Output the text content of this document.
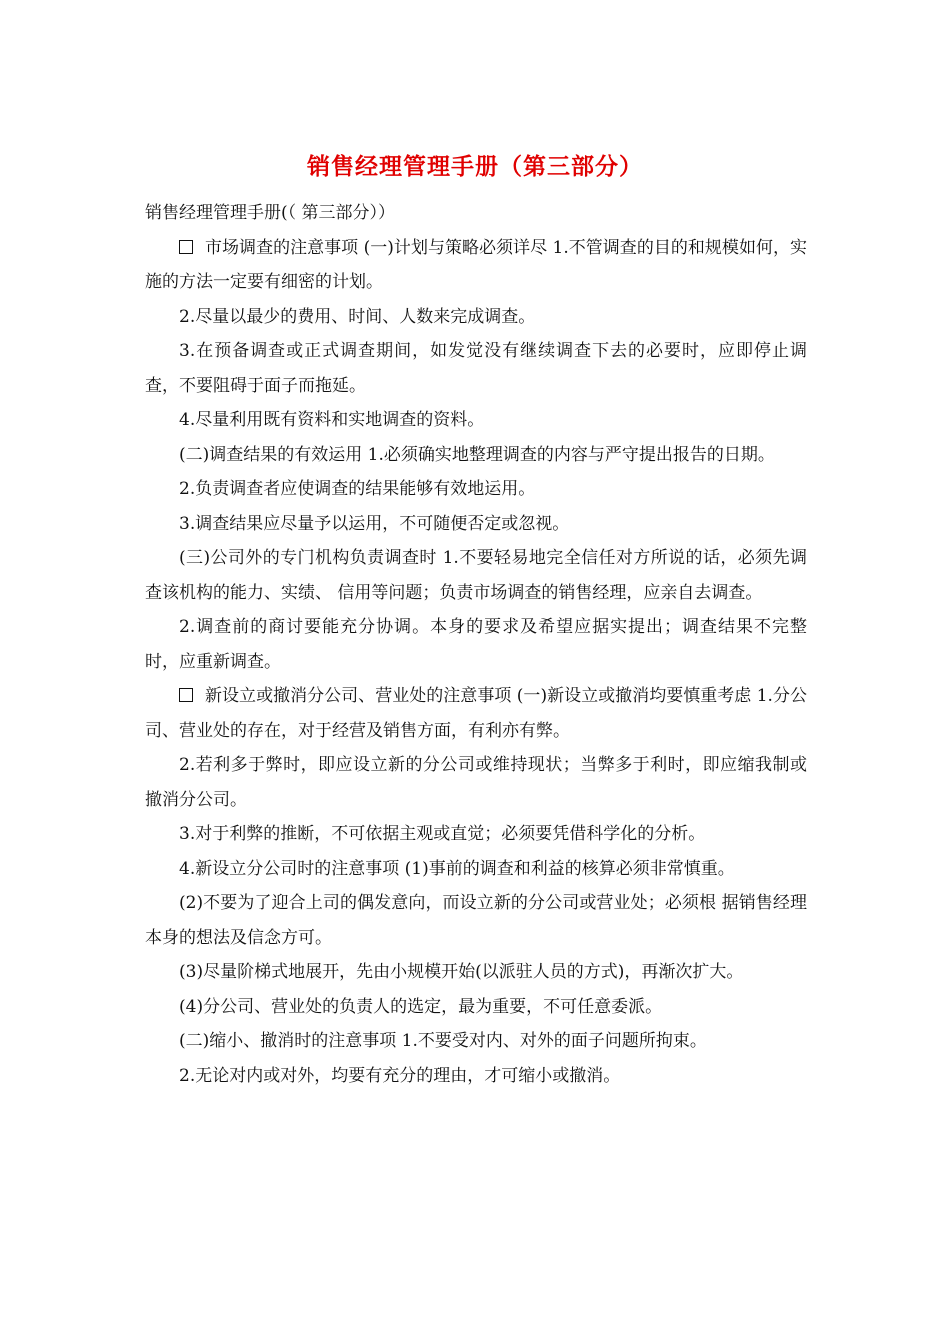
销售经理管理手册（第三部分）

销售经理管理手册(（ 第三部分））

市场调查的注意事项 (一)计划与策略必须详尽 1.不管调查的目的和规模如何，实施的方法一定要有细密的计划。

2.尽量以最少的费用、时间、人数来完成调查。

3.在预备调查或正式调查期间，如发觉没有继续调查下去的必要时，应即停止调查，不要阻碍于面子而拖延。

4.尽量利用既有资料和实地调查的资料。

(二)调查结果的有效运用 1.必须确实地整理调查的内容与严守提出报告的日期。

2.负责调查者应使调查的结果能够有效地运用。

3.调查结果应尽量予以运用，不可随便否定或忽视。

(三)公司外的专门机构负责调查时 1.不要轻易地完全信任对方所说的话，必须先调查该机构的能力、实绩、 信用等问题；负责市场调查的销售经理，应亲自去调查。

2.调查前的商讨要能充分协调。本身的要求及希望应据实提出；调查结果不完整时，应重新调查。

新设立或撤消分公司、营业处的注意事项 (一)新设立或撤消均要慎重考虑 1.分公司、营业处的存在，对于经营及销售方面，有利亦有弊。

2.若利多于弊时，即应设立新的分公司或维持现状；当弊多于利时，即应缩我制或撤消分公司。

3.对于利弊的推断，不可依据主观或直觉；必须要凭借科学化的分析。

4.新设立分公司时的注意事项 (1)事前的调查和利益的核算必须非常慎重。

(2)不要为了迎合上司的偶发意向，而设立新的分公司或营业处；必须根 据销售经理本身的想法及信念方可。

(3)尽量阶梯式地展开，先由小规模开始(以派驻人员的方式)，再渐次扩大。

(4)分公司、营业处的负责人的选定，最为重要，不可任意委派。

(二)缩小、撤消时的注意事项 1.不要受对内、对外的面子问题所拘束。

2.无论对内或对外，均要有充分的理由，才可缩小或撤消。
